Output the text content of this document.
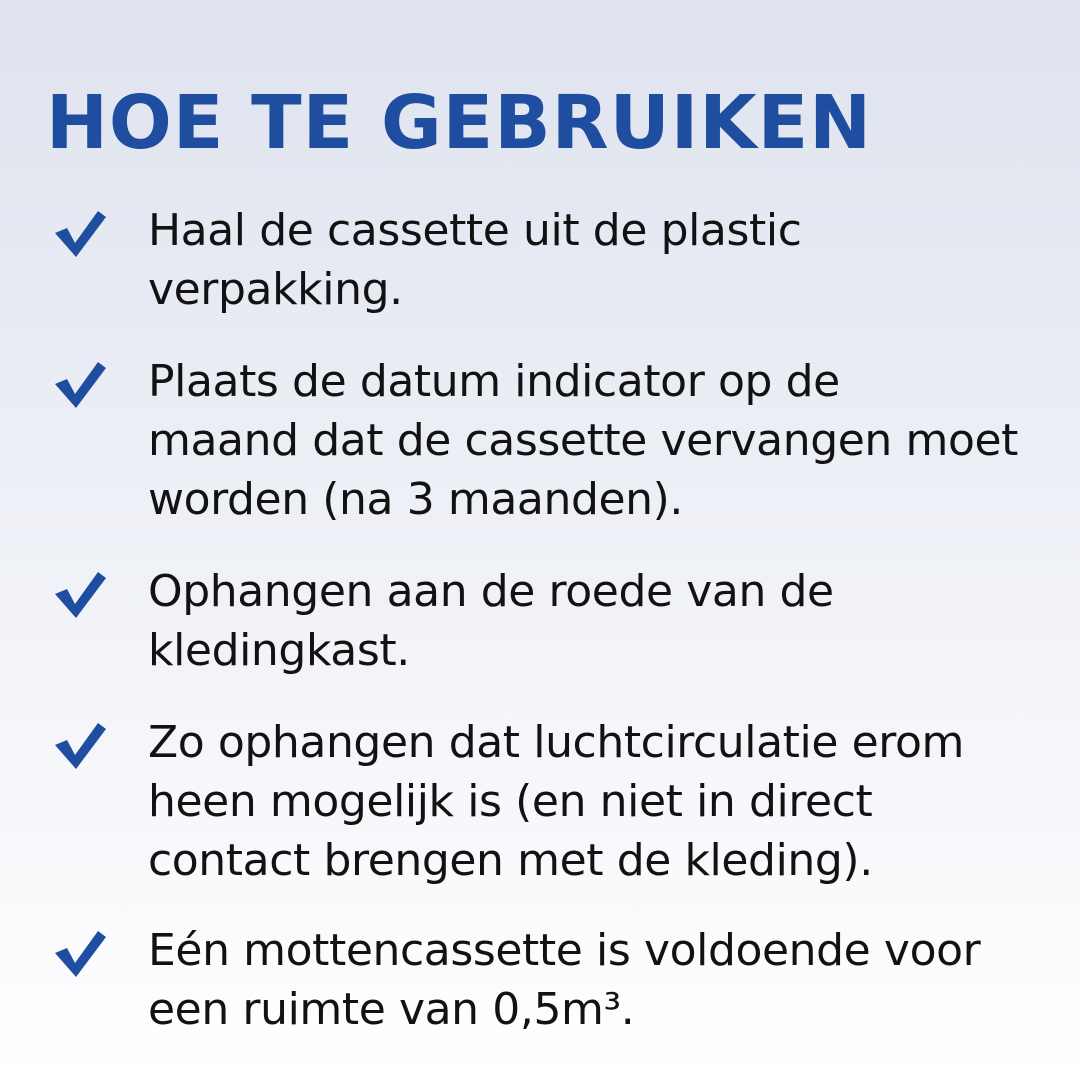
HOE TE GEBRUIKEN
Haal de cassette uit de plastic
verpakking.
Plaats de datum indicator op de
maand dat de cassette vervangen moet
worden (na 3 maanden).
Ophangen aan de roede van de
kledingkast.
Zo ophangen dat luchtcirculatie erom
heen mogelijk is (en niet in direct
contact brengen met de kleding).
Eén mottencassette is voldoende voor
een ruimte van 0,5m³.
